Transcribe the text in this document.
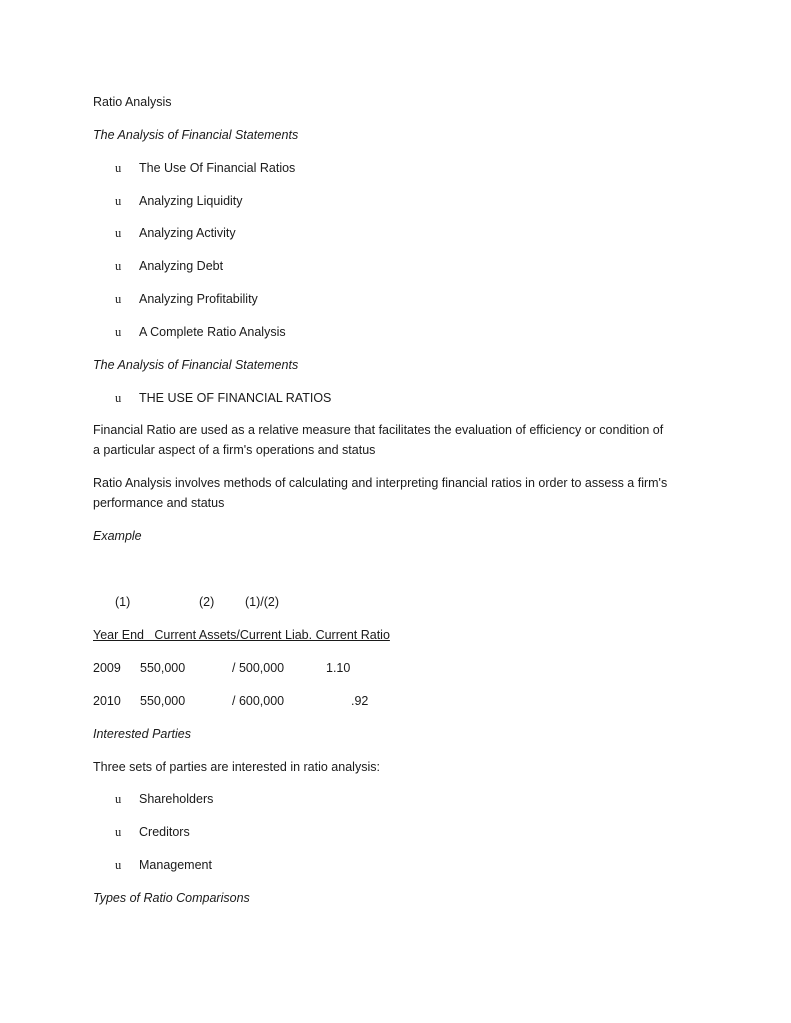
Ratio Analysis
The Analysis of Financial Statements
u The Use Of Financial Ratios
u Analyzing Liquidity
u Analyzing Activity
u Analyzing Debt
u Analyzing Profitability
u A Complete Ratio Analysis
The Analysis of Financial Statements
u THE USE OF FINANCIAL RATIOS
Financial Ratio are used as a relative measure that facilitates the evaluation of efficiency or condition of
a particular aspect of a firm's operations and status
Ratio Analysis involves methods of calculating and interpreting financial ratios in order to assess a firm's
performance and status
Example
(1)	(2) (1)/(2)
Year End   Current Assets/Current Liab. Current Ratio
2009 550,000	/ 500,000	1.10
2010 550,000	/ 600,000	.92
Interested Parties
Three sets of parties are interested in ratio analysis:
u Shareholders
u Creditors
u Management
Types of Ratio Comparisons
